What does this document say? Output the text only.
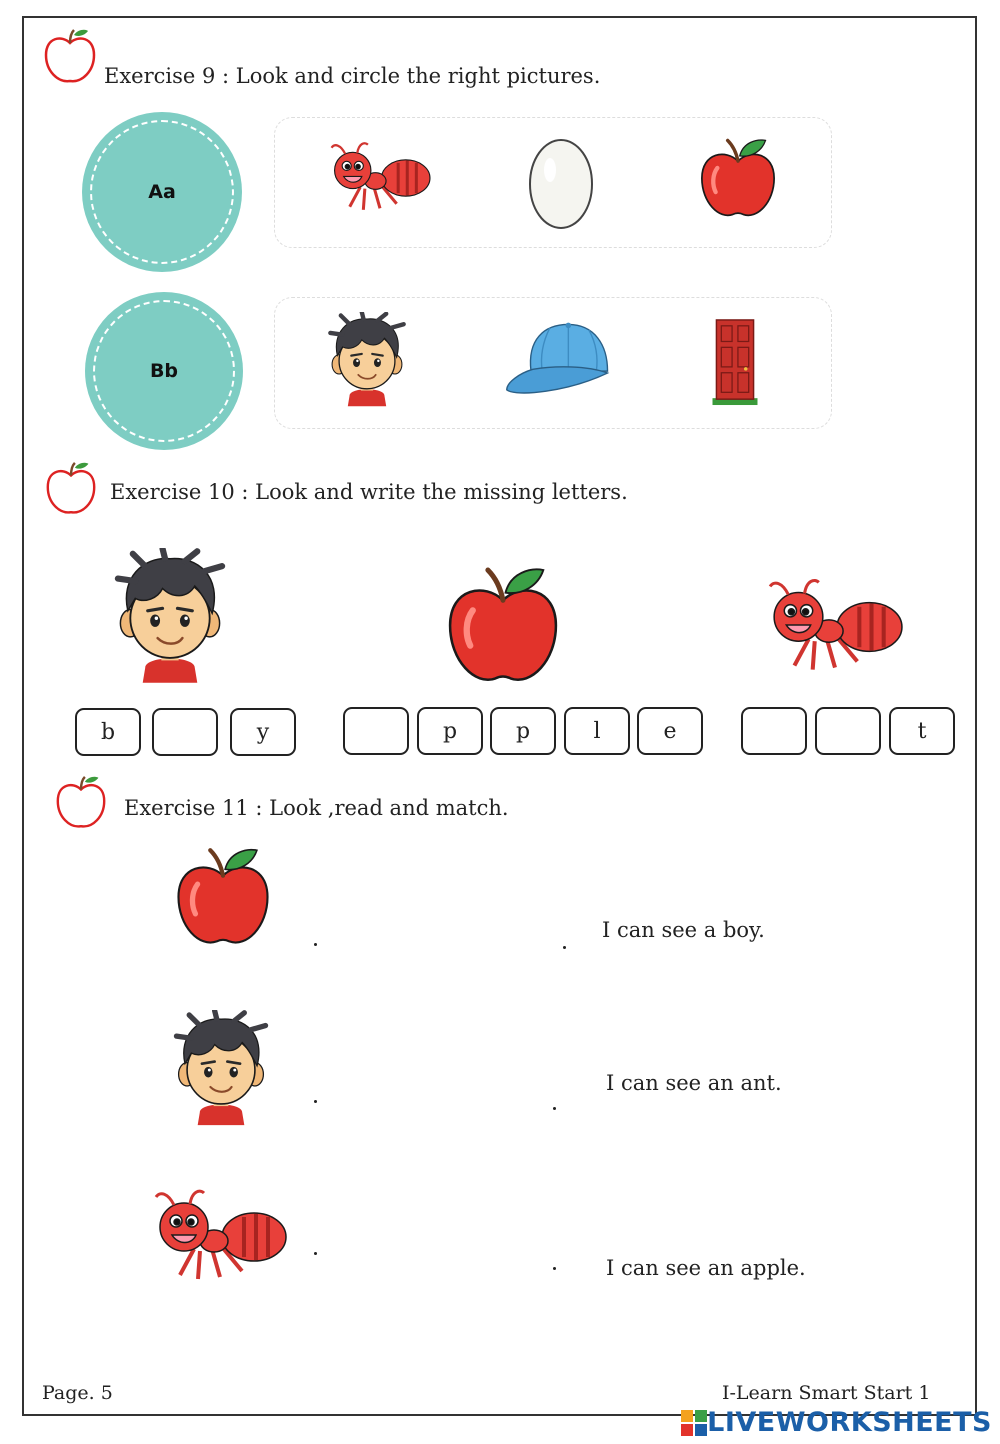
Exercise 9 : Look and circle the right pictures.
Aa
Bb
Exercise 10 : Look and write the missing letters.
b	y	p	p	l	e	t
Exercise 11 : Look ,read and match.
I can see a boy.
I can see an ant.
I can see an apple.
Page. 5	I-Learn Smart Start 1
LIVEWORKSHEETS
